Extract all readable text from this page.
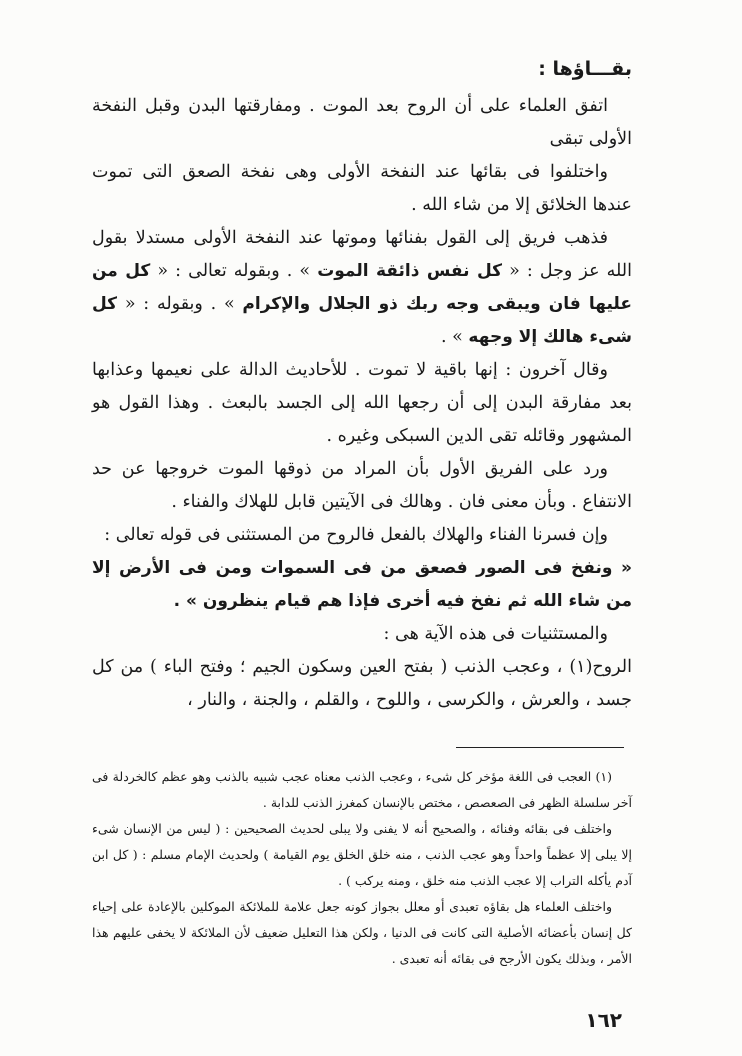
بقـــاؤها :

اتفق العلماء على أن الروح بعد الموت . ومفارقتها البدن وقبل النفخة الأولى تبقى

واختلفوا فى بقائها عند النفخة الأولى وهى نفخة الصعق التى تموت عندها الخلائق إلا من شاء الله .

فذهب فريق إلى القول بفنائها وموتها عند النفخة الأولى مستدلا بقول الله عز وجل : « كل نفس ذائقة الموت » . وبقوله تعالى : « كل من عليها فان ويبقى وجه ربك ذو الجلال والإكرام » . وبقوله : « كل شىء هالك إلا وجهه » .

وقال آخرون : إنها باقية لا تموت . للأحاديث الدالة على نعيمها وعذابها بعد مفارقة البدن إلى أن رجعها الله إلى الجسد بالبعث . وهذا القول هو المشهور وقائله تقى الدين السبكى وغيره .

ورد على الفريق الأول بأن المراد من ذوقها الموت خروجها عن حد الانتفاع . وبأن معنى فان . وهالك فى الآيتين قابل للهلاك والفناء .

وإن فسرنا الفناء والهلاك بالفعل فالروح من المستثنى فى قوله تعالى :

« ونفخ فى الصور فصعق من فى السموات ومن فى الأرض إلا من شاء الله ثم نفخ فيه أخرى فإذا هم قيام ينظرون » .

والمستثنيات فى هذه الآية هى :

الروح(١) ، وعجب الذنب ( بفتح العين وسكون الجيم ؛ وفتح الباء ) من كل جسد ، والعرش ، والكرسى ، واللوح ، والقلم ، والجنة ، والنار ،

(١) العجب فى اللغة مؤخر كل شىء ، وعجب الذنب معناه عجب شبيه بالذنب وهو عظم كالخردلة فى آخر سلسلة الظهر فى الصعصص ، مختص بالإنسان كمغرز الذنب للدابة .

واختلف فى بقائه وفنائه ، والصحيح أنه لا يفنى ولا يبلى لحديث الصحيحين : ( ليس من الإنسان شىء إلا يبلى إلا عظماً واحداً وهو عجب الذنب ، منه خلق الخلق يوم القيامة ) ولحديث الإمام مسلم : ( كل ابن آدم يأكله التراب إلا عجب الذنب منه خلق ، ومنه يركب ) .

واختلف العلماء هل بقاؤه تعبدى أو معلل بجواز كونه جعل علامة للملائكة الموكلين بالإعادة على إحياء كل إنسان بأعضائه الأصلية التى كانت فى الدنيا ، ولكن هذا التعليل ضعيف لأن الملائكة لا يخفى عليهم هذا الأمر ، وبذلك يكون الأرجح فى بقائه أنه تعبدى .

١٦٢
